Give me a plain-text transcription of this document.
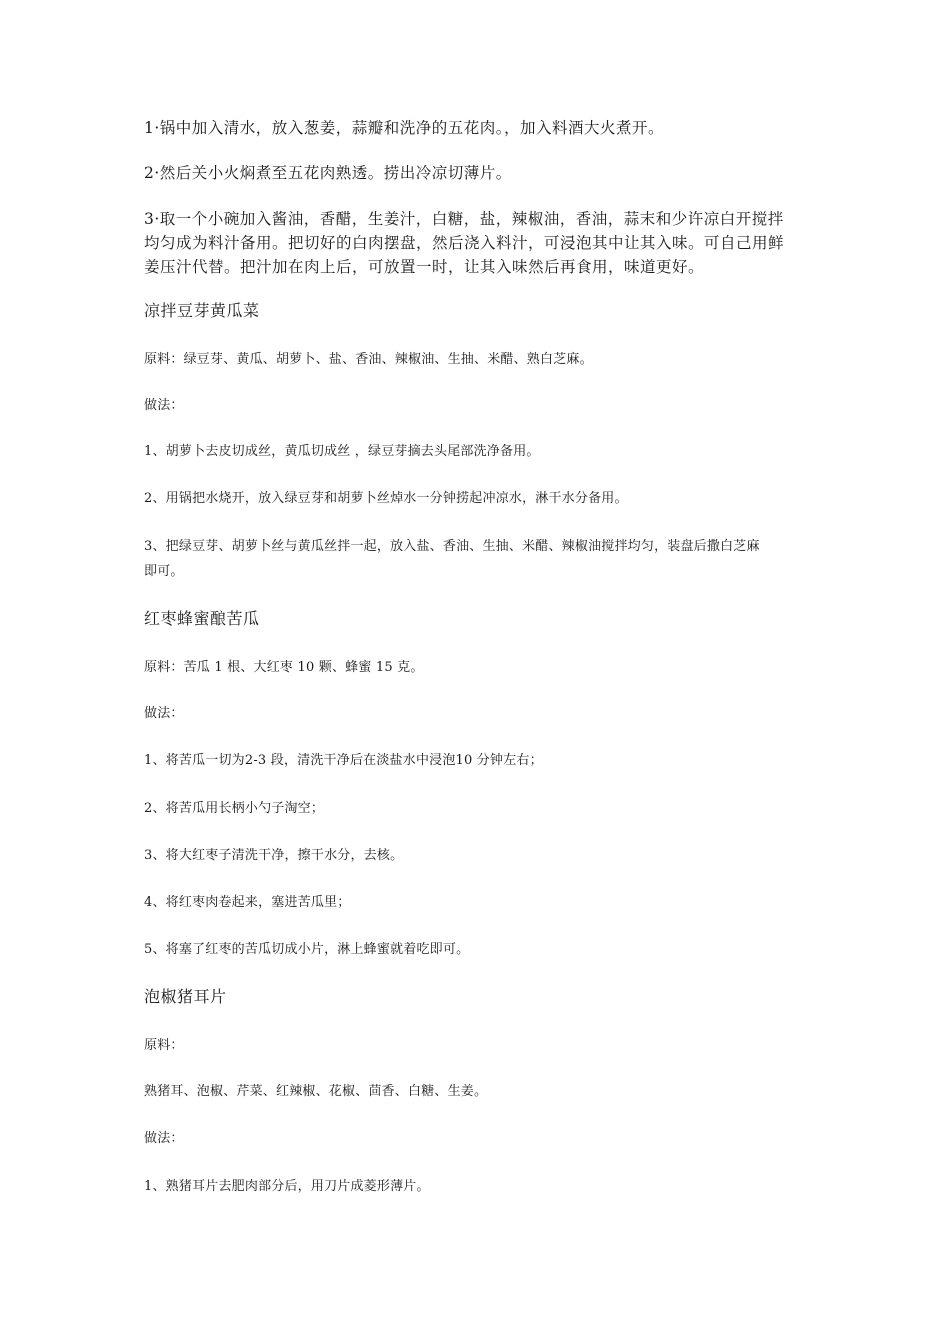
1·锅中加入清水，放入葱姜，蒜瓣和洗净的五花肉。，加入料酒大火煮开。
2·然后关小火焖煮至五花肉熟透。捞出冷凉切薄片。
3·取一个小碗加入酱油，香醋，生姜汁，白糖，盐，辣椒油，香油，蒜末和少许凉白开搅拌
均匀成为料汁备用。把切好的白肉摆盘，然后浇入料汁，可浸泡其中让其入味。可自己用鲜
姜压汁代替。把汁加在肉上后，可放置一时，让其入味然后再食用，味道更好。
凉拌豆芽黄瓜菜
原料：绿豆芽、黄瓜、胡萝卜、盐、香油、辣椒油、生抽、米醋、熟白芝麻。
做法：
1、胡萝卜去皮切成丝，黄瓜切成丝 ，绿豆芽摘去头尾部洗净备用。
2、用锅把水烧开，放入绿豆芽和胡萝卜丝焯水一分钟捞起冲凉水，淋干水分备用。
3、把绿豆芽、胡萝卜丝与黄瓜丝拌一起，放入盐、香油、生抽、米醋、辣椒油搅拌均匀，装盘后撒白芝麻
即可。
红枣蜂蜜酿苦瓜
原料：苦瓜 1 根、大红枣 10 颗、蜂蜜 15 克。
做法：
1、将苦瓜一切为2-3 段，清洗干净后在淡盐水中浸泡10 分钟左右；
2、将苦瓜用长柄小勺子淘空；
3、将大红枣子清洗干净，擦干水分，去核。
4、将红枣肉卷起来，塞进苦瓜里；
5、将塞了红枣的苦瓜切成小片，淋上蜂蜜就着吃即可。
泡椒猪耳片
原料：
熟猪耳、泡椒、芹菜、红辣椒、花椒、茴香、白糖、生姜。
做法：
1、熟猪耳片去肥肉部分后，用刀片成菱形薄片。
